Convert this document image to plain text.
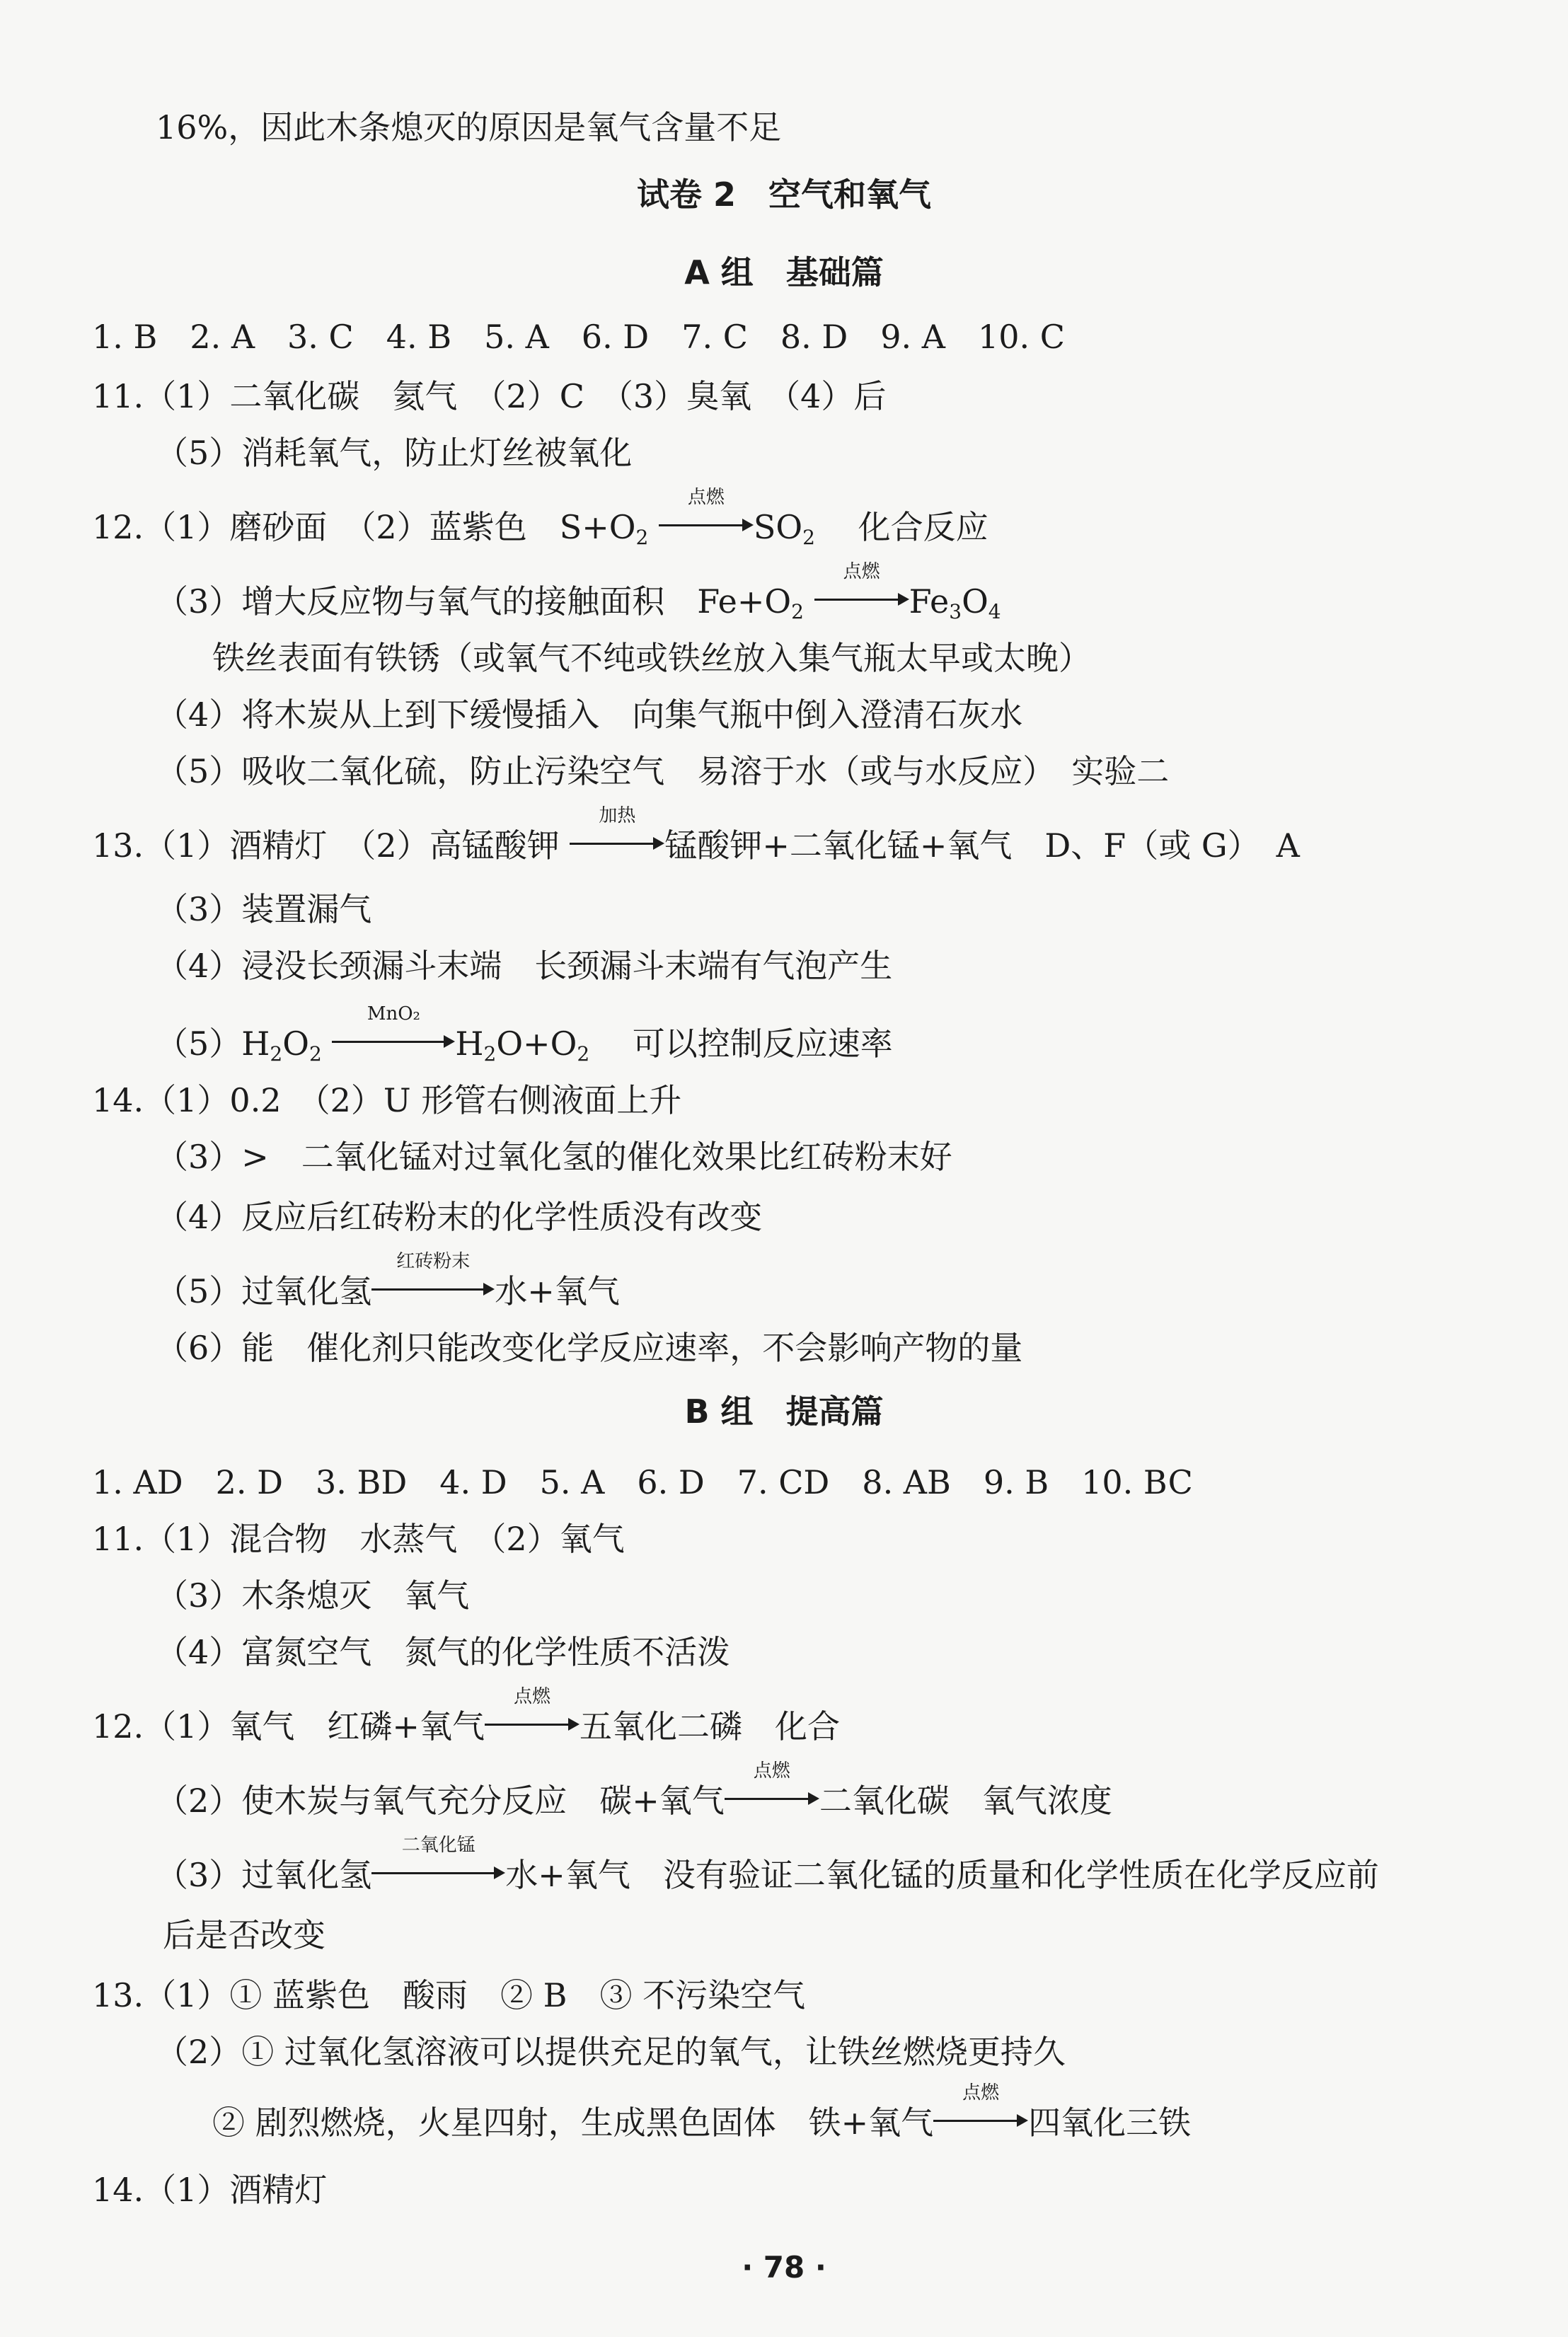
16%，因此木条熄灭的原因是氧气含量不足
试卷 2　空气和氧气
A 组　基础篇
1. B　2. A　3. C　4. B　5. A　6. D　7. C　8. D　9. A　10. C
11.（1）二氧化碳　氦气　（2）C　（3）臭氧　（4）后
（5）消耗氧气，防止灯丝被氧化
12.（1）磨砂面　（2）蓝紫色　$S+O_2$
点燃
$SO_2$ 化合反应
（3）增大反应物与氧气的接触面积　$Fe+O_2$
点燃
$Fe_3O_4$
铁丝表面有铁锈（或氧气不纯或铁丝放入集气瓶太早或太晚）
（4）将木炭从上到下缓慢插入　向集气瓶中倒入澄清石灰水
（5）吸收二氧化硫，防止污染空气　易溶于水（或与水反应）　实验二
13.（1）酒精灯　（2）高锰酸钾
加热
锰酸钾+二氧化锰+氧气　D、F（或 G）　A
（3）装置漏气
（4）浸没长颈漏斗末端　长颈漏斗末端有气泡产生
$(5)H_2O_2$
MnO₂
$H_2O+O_2$ 可以控制反应速率
14.（1）0.2　（2）U 形管右侧液面上升
（3）>　二氧化锰对过氧化氢的催化效果比红砖粉末好
（4）反应后红砖粉末的化学性质没有改变
（5）过氧化氢
红砖粉末
水+氧气
（6）能　催化剂只能改变化学反应速率，不会影响产物的量
B 组　提高篇
1. AD　2. D　3. BD　4. D　5. A　6. D　7. CD　8. AB　9. B　10. BC
11.（1）混合物　水蒸气　（2）氧气
（3）木条熄灭　氧气
（4）富氮空气　氮气的化学性质不活泼
12.（1）氧气　红磷+氧气
点燃
五氧化二磷　化合
（2）使木炭与氧气充分反应　碳+氧气
点燃
二氧化碳　氧气浓度
（3）过氧化氢
二氧化锰
水+氧气　没有验证二氧化锰的质量和化学性质在化学反应前
后是否改变
13.（1）① 蓝紫色　酸雨　② B　③ 不污染空气
（2）① 过氧化氢溶液可以提供充足的氧气，让铁丝燃烧更持久
② 剧烈燃烧，火星四射，生成黑色固体　铁+氧气
点燃
四氧化三铁
14.（1）酒精灯
· 78 ·
